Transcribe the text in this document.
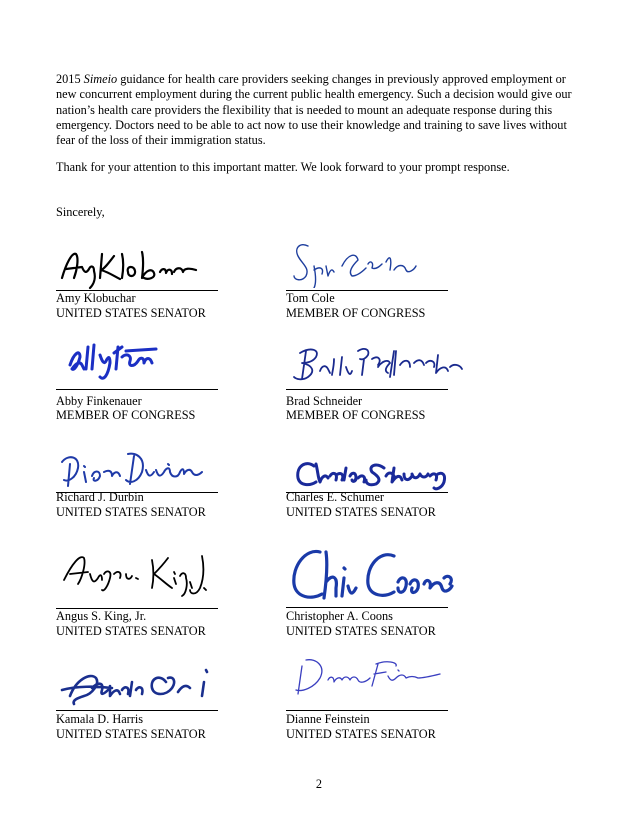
2015 Simeio guidance for health care providers seeking changes in previously approved employment or new concurrent employment during the current public health emergency. Such a decision would give our nation’s health care providers the flexibility that is needed to mount an adequate response during this emergency. Doctors need to be able to act now to use their knowledge and training to save lives without fear of the loss of their immigration status.

Thank for your attention to this important matter. We look forward to your prompt response.

Sincerely,

Amy Klobuchar
UNITED STATES SENATOR
Tom Cole
MEMBER OF CONGRESS
Abby Finkenauer
MEMBER OF CONGRESS
Brad Schneider
MEMBER OF CONGRESS
Richard J. Durbin
UNITED STATES SENATOR
Charles E. Schumer
UNITED STATES SENATOR
Angus S. King, Jr.
UNITED STATES SENATOR
Christopher A. Coons
UNITED STATES SENATOR
Kamala D. Harris
UNITED STATES SENATOR
Dianne Feinstein
UNITED STATES SENATOR
2
